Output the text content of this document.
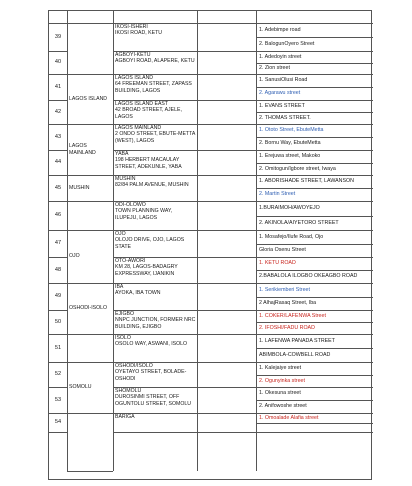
39
IKOSI-ISHERI
IKOSI ROAD, KETU
1. Adebimpe road
2. BalogunOyero Street
40
AGBOYI-KETU
AGBOYI ROAD, ALAPERE, KETU
1. Adedoyin street
2. Zion street
41
LAGOS ISLAND
64 FREEMAN STREET, ZAPASS
BUILDING, LAGOS
1. SanusiOlusi Road
2. Agarawu street
42
LAGOS ISLAND EAST
42 BROAD STREET, AJELE,
LAGOS
1. EVANS STREET
2. THOMAS STREET.
43
LAGOS MAINLAND
2 ONDO STREET, EBUTE-METTA
(WEST), LAGOS
1. Ototo Street, EbuteMetta
2. Bornu Way, EbuteMetta
44
YABA
198 HERBERT MACAULAY
STREET, ADEKUNLE, YABA
1. Erejuwa street, Makoko
2. Omitogun/Igbore street, Iwaya
45
MUSHIN
82/84 PALM AVENUE, MUSHIN
1. ABORISHADE STREET, LAWANSON
2. Martin Street
46
ODI-OLOWO
TOWN PLANNING WAY,
ILUPEJU, LAGOS
1.BURAIMOH/AWOYEJO
2. AKINOLA/AIYETORO STREET
47
OJO
OLOJO DRIVE, OJO, LAGOS
STATE
1. Mosafejo/Ilufe Road, Ojo
Gloria Osenu Street
48
OTO-AWORI
KM 28, LAGOS-BADAGRY
EXPRESSWAY, IJANIKIN
1. KETU ROAD
2.BABALOLA ILOGBO OKEAGBO ROAD
49
IBA
AYOKA, IBA TOWN
1. Serikiemberi Street
2 AlhajRasaq Street, Iba
50
EJIGBO
NNPC JUNCTION, FORMER NRC
BUILDING, EJIGBO
1. COKER/LAFENWA Street
2. IFOSHI/FADU ROAD
51
ISOLO
OSOLO WAY, ASWANI, ISOLO
1. LAFENWA PANADA STREET
ABIMBOLA-COWBELL ROAD
52
OSHODI/ISOLO
OYETAYO STREET, BOLADE-
OSHODI
1. Kalejaiye street
2. Ogunyinka street
53
SHOMOLU
DUROSINMI STREET, OFF
OGUNTOLU STREET, SOMOLU
1. Okesuna street
2. Anifowoshe street
54
BARIGA	1. Omoalade Alafia street
LAGOS ISLAND
LAGOS MAINLAND
MUSHIN
OJO
OSHODI-ISOLO
SOMOLU
